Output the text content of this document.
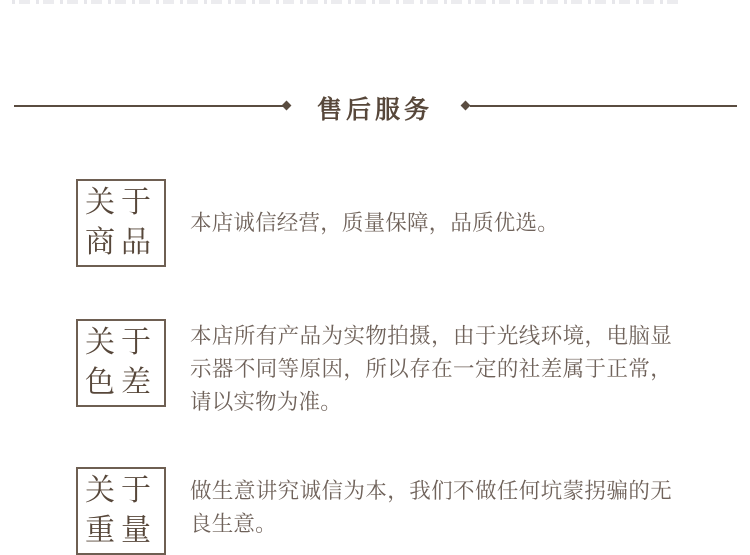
售后服务
关于
商品
本店诚信经营，质量保障，品质优选。
关于
色差
本店所有产品为实物拍摄，由于光线环境，电脑显示器不同等原因，所以存在一定的社差属于正常，请以实物为准。
关于
重量
做生意讲究诚信为本，我们不做任何坑蒙拐骗的无良生意。
